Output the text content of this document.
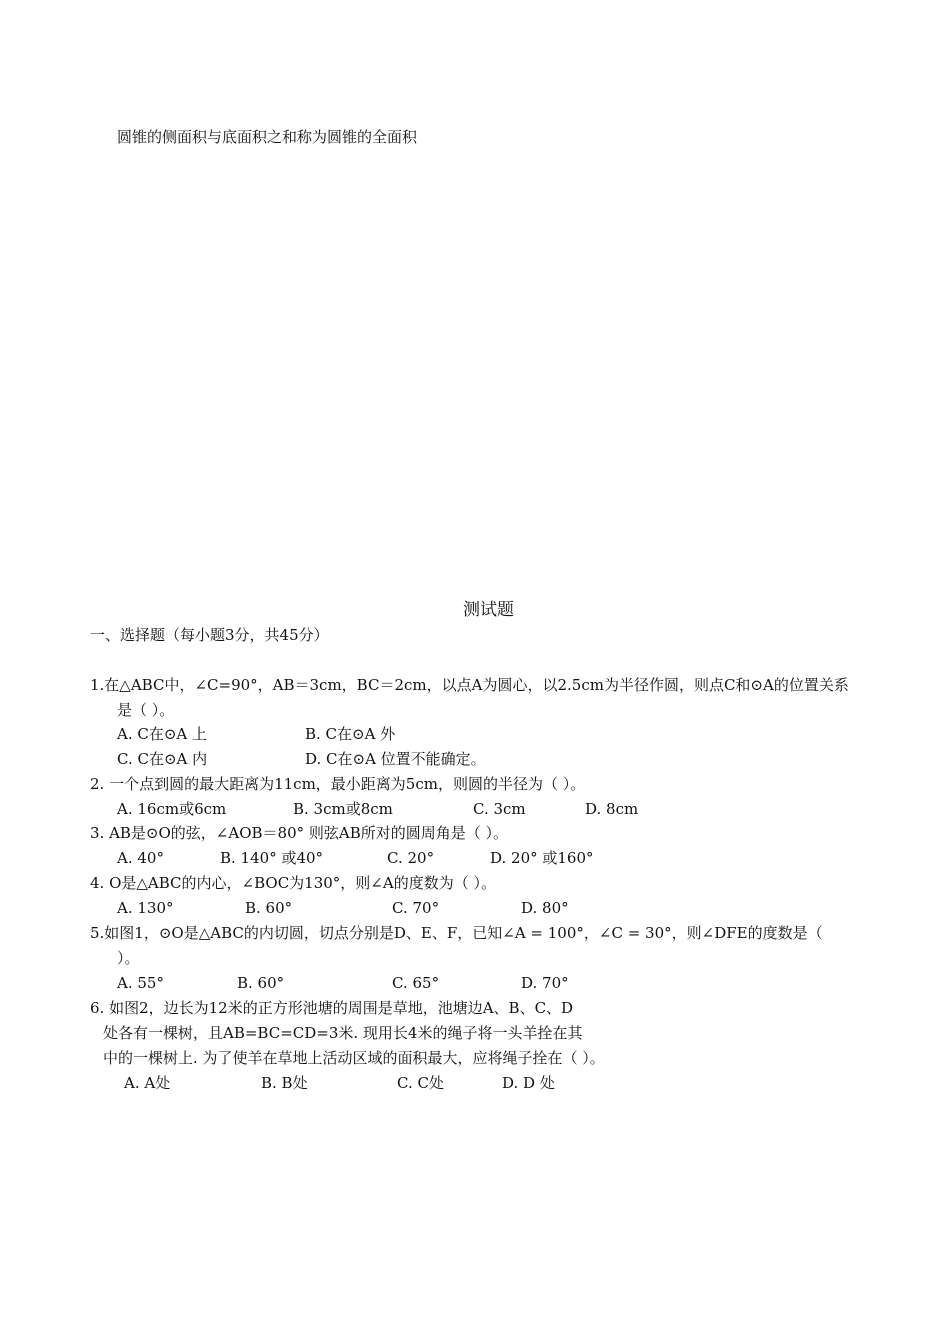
圆锥的侧面积与底面积之和称为圆锥的全面积
测试题
一、选择题（每小题3分，共45分）
1.在△ABC中，∠C=90°，AB＝3cm，BC＝2cm，以点A为圆心，以2.5cm为半径作圆，则点C和⊙A的位置关系
是（ ）。
A. C在⊙A 上	B. C在⊙A 外
C. C在⊙A 内	D. C在⊙A 位置不能确定。
2. 一个点到圆的最大距离为11cm，最小距离为5cm，则圆的半径为（ ）。
A. 16cm或6cm	B. 3cm或8cm	C. 3cm	D. 8cm
3. AB是⊙O的弦，∠AOB＝80° 则弦AB所对的圆周角是（ ）。
A. 40°	B. 140° 或40°	C. 20°	D. 20° 或160°
4. O是△ABC的内心，∠BOC为130°，则∠A的度数为（ ）。
A. 130°	B. 60°	C. 70°	D. 80°
5.如图1，⊙O是△ABC的内切圆，切点分别是D、E、F，已知∠A = 100°，∠C = 30°，则∠DFE的度数是（
）。
A. 55°	B. 60°	C. 65°	D. 70°
6. 如图2，边长为12米的正方形池塘的周围是草地，池塘边A、B、C、D
处各有一棵树，且AB=BC=CD=3米. 现用长4米的绳子将一头羊拴在其
中的一棵树上. 为了使羊在草地上活动区域的面积最大，应将绳子拴在（ ）。
A. A处	B. B处	C. C处	D. D 处
